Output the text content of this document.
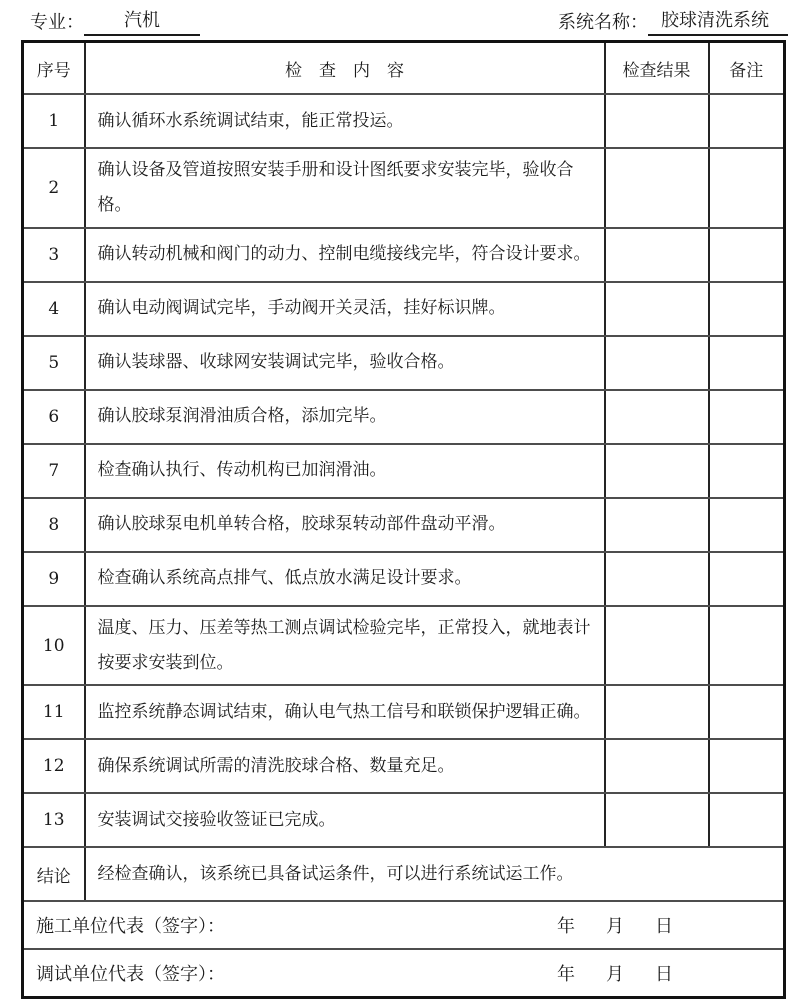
专业：	汽机	系统名称： 胶球清洗系统
序号	检　查　内　容	检查结果	备注
1	确认循环水系统调试结束，能正常投运。		
2	确认设备及管道按照安装手册和设计图纸要求安装完毕，验收合格。		
3	确认转动机械和阀门的动力、控制电缆接线完毕，符合设计要求。		
4	确认电动阀调试完毕，手动阀开关灵活，挂好标识牌。		
5	确认装球器、收球网安装调试完毕，验收合格。		
6	确认胶球泵润滑油质合格，添加完毕。		
7	检查确认执行、传动机构已加润滑油。		
8	确认胶球泵电机单转合格，胶球泵转动部件盘动平滑。		
9	检查确认系统高点排气、低点放水满足设计要求。		
10	温度、压力、压差等热工测点调试检验完毕，正常投入，就地表计按要求安装到位。		
11	监控系统静态调试结束，确认电气热工信号和联锁保护逻辑正确。		
12	确保系统调试所需的清洗胶球合格、数量充足。		
13	安装调试交接验收签证已完成。		
结论	经检查确认，该系统已具备试运条件，可以进行系统试运工作。		
施工单位代表（签字）： 年 月 日			

调试单位代表（签字）： 年 月 日			
